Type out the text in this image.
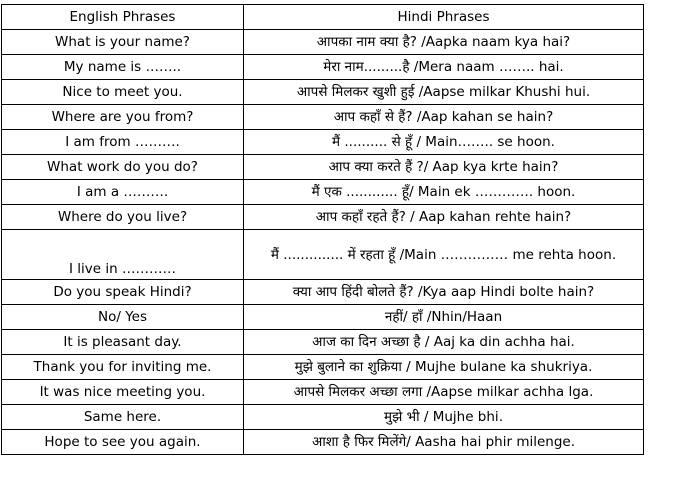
English Phrases	Hindi Phrases
What is your name?	आपका नाम क्या है? /Aapka naam kya hai?
My name is ……..	मेरा नाम.........है /Mera naam …….. hai.
Nice to meet you.	आपसे मिलकर खुशी हुई /Aapse milkar Khushi hui.
Where are you from?	आप कहाँ से हैं? /Aap kahan se hain?
I am from ……….	मैं .......... से हूँ / Main…….. se hoon.
What work do you do?	आप क्या करते हैं ?/ Aap kya krte hain?
I am a ……….	मैं एक ............ हूँ/ Main ek …………. hoon.
Where do you live?	आप कहाँ रहते हैं? / Aap kahan rehte hain?
I live in …………	मैं .............. में रहता हूँ /Main …………… me rehta hoon.
Do you speak Hindi?	क्या आप हिंदी बोलते हैं? /Kya aap Hindi bolte hain?
No/ Yes	नहीं/ हाँ /Nhin/Haan
It is pleasant day.	आज का दिन अच्छा है / Aaj ka din achha hai.
Thank you for inviting me.	मुझे बुलाने का शुक्रिया / Mujhe bulane ka shukriya.
It was nice meeting you.	आपसे मिलकर अच्छा लगा /Aapse milkar achha lga.
Same here.	मुझे भी / Mujhe bhi.
Hope to see you again.	आशा है फिर मिलेंगे/ Aasha hai phir milenge.
